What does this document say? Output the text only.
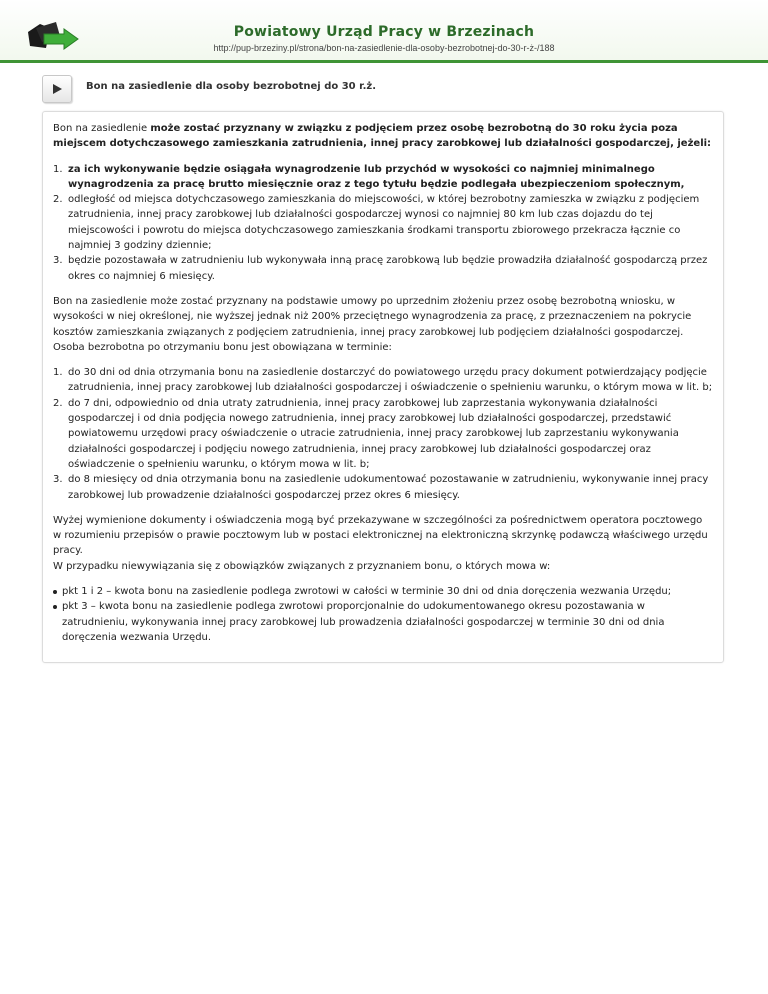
Powiatowy Urząd Pracy w Brzezinach
http://pup-brzeziny.pl/strona/bon-na-zasiedlenie-dla-osoby-bezrobotnej-do-30-r-ż-/188
Bon na zasiedlenie dla osoby bezrobotnej do 30 r.ż.

Bon na zasiedlenie może zostać przyznany w związku z podjęciem przez osobę bezrobotną do 30 roku życia poza miejscem dotychczasowego zamieszkania zatrudnienia, innej pracy zarobkowej lub działalności gospodarczej, jeżeli:

1. za ich wykonywanie będzie osiągała wynagrodzenie lub przychód w wysokości co najmniej minimalnego wynagrodzenia za pracę brutto miesięcznie oraz z tego tytułu będzie podlegała ubezpieczeniom społecznym,
2. odległość od miejsca dotychczasowego zamieszkania do miejscowości, w której bezrobotny zamieszka w związku z podjęciem zatrudnienia, innej pracy zarobkowej lub działalności gospodarczej wynosi co najmniej 80 km lub czas dojazdu do tej miejscowości i powrotu do miejsca dotychczasowego zamieszkania środkami transportu zbiorowego przekracza łącznie co najmniej 3 godziny dziennie;
3. będzie pozostawała w zatrudnieniu lub wykonywała inną pracę zarobkową lub będzie prowadziła działalność gospodarczą przez okres co najmniej 6 miesięcy.

Bon na zasiedlenie może zostać przyznany na podstawie umowy po uprzednim złożeniu przez osobę bezrobotną wniosku, w wysokości w niej określonej, nie wyższej jednak niż 200% przeciętnego wynagrodzenia za pracę, z przeznaczeniem na pokrycie kosztów zamieszkania związanych z podjęciem zatrudnienia, innej pracy zarobkowej lub podjęciem działalności gospodarczej.
Osoba bezrobotna po otrzymaniu bonu jest obowiązana w terminie:

1. do 30 dni od dnia otrzymania bonu na zasiedlenie dostarczyć do powiatowego urzędu pracy dokument potwierdzający podjęcie zatrudnienia, innej pracy zarobkowej lub działalności gospodarczej i oświadczenie o spełnieniu warunku, o którym mowa w lit. b;
2. do 7 dni, odpowiednio od dnia utraty zatrudnienia, innej pracy zarobkowej lub zaprzestania wykonywania działalności gospodarczej i od dnia podjęcia nowego zatrudnienia, innej pracy zarobkowej lub działalności gospodarczej, przedstawić powiatowemu urzędowi pracy oświadczenie o utracie zatrudnienia, innej pracy zarobkowej lub zaprzestaniu wykonywania działalności gospodarczej i podjęciu nowego zatrudnienia, innej pracy zarobkowej lub działalności gospodarczej oraz oświadczenie o spełnieniu warunku, o którym mowa w lit. b;
3. do 8 miesięcy od dnia otrzymania bonu na zasiedlenie udokumentować pozostawanie w zatrudnieniu, wykonywanie innej pracy zarobkowej lub prowadzenie działalności gospodarczej przez okres 6 miesięcy.

Wyżej wymienione dokumenty i oświadczenia mogą być przekazywane w szczególności za pośrednictwem operatora pocztowego w rozumieniu przepisów o prawie pocztowym lub w postaci elektronicznej na elektroniczną skrzynkę podawczą właściwego urzędu pracy.
W przypadku niewywiązania się z obowiązków związanych z przyznaniem bonu, o których mowa w:

pkt 1 i 2 – kwota bonu na zasiedlenie podlega zwrotowi w całości w terminie 30 dni od dnia doręczenia wezwania Urzędu;
pkt 3 – kwota bonu na zasiedlenie podlega zwrotowi proporcjonalnie do udokumentowanego okresu pozostawania w zatrudnieniu, wykonywania innej pracy zarobkowej lub prowadzenia działalności gospodarczej w terminie 30 dni od dnia doręczenia wezwania Urzędu.
